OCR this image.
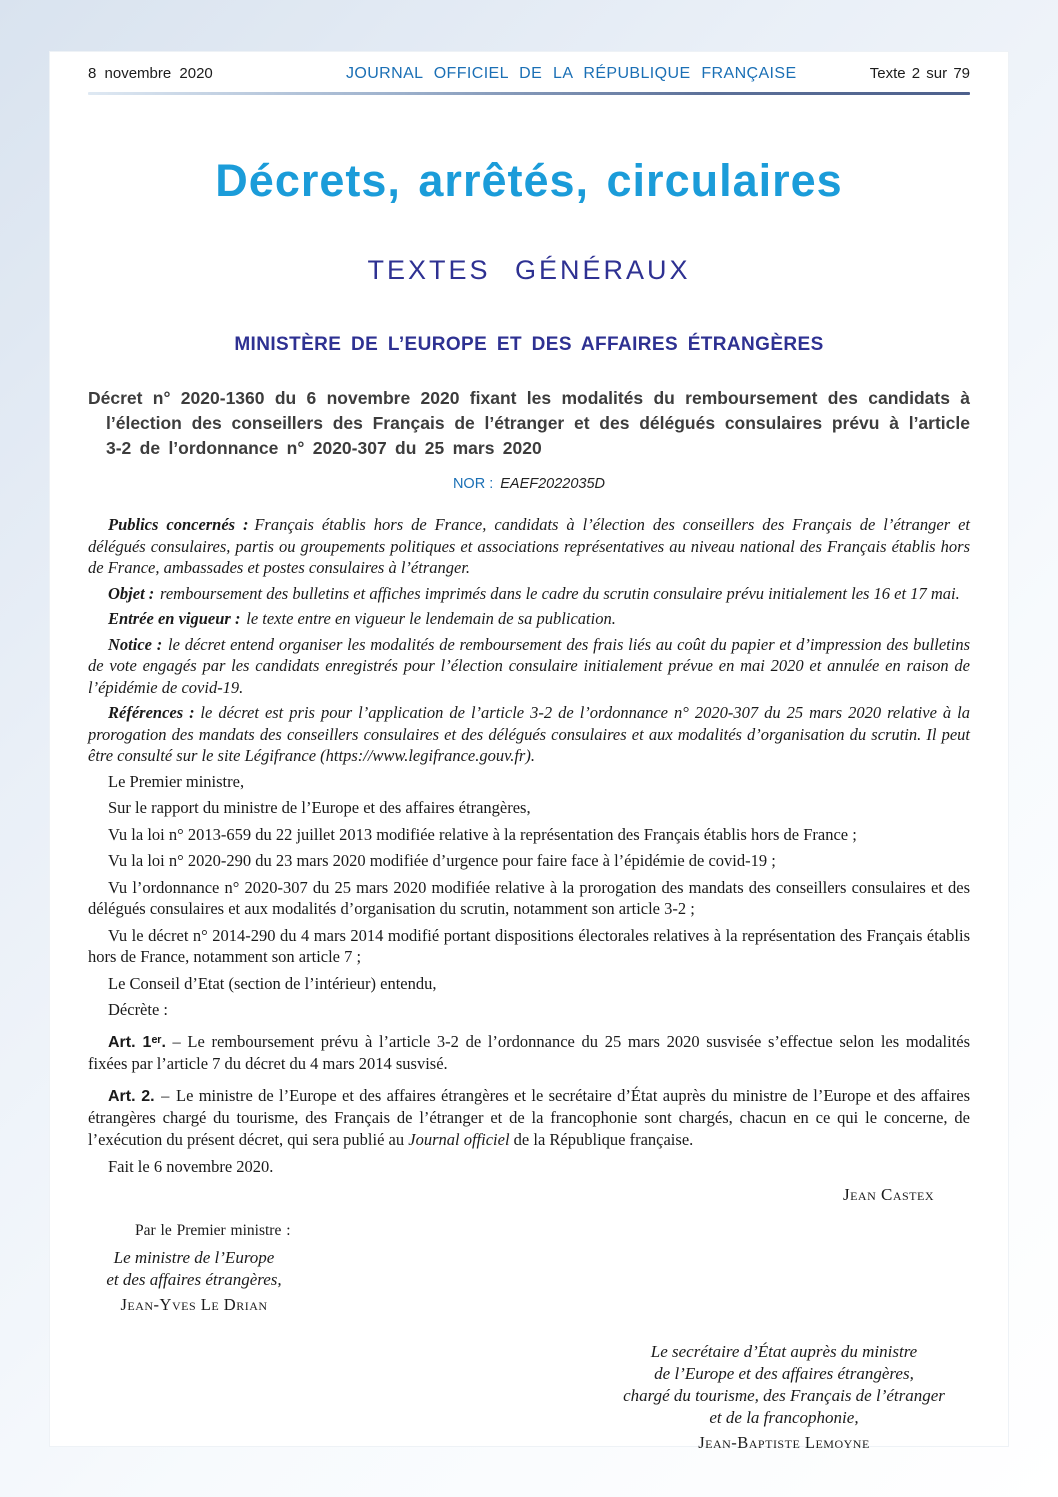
8 novembre 2020	JOURNAL OFFICIEL DE LA RÉPUBLIQUE FRANÇAISE	Texte 2 sur 79
Décrets, arrêtés, circulaires
TEXTES GÉNÉRAUX
MINISTÈRE DE L’EUROPE ET DES AFFAIRES ÉTRANGÈRES
Décret n° 2020-1360 du 6 novembre 2020 fixant les modalités du remboursement des candidats à l’élection des conseillers des Français de l’étranger et des délégués consulaires prévu à l’article 3-2 de l’ordonnance n° 2020-307 du 25 mars 2020
NOR : EAEF2022035D

Publics concernés : Français établis hors de France, candidats à l’élection des conseillers des Français de l’étranger et délégués consulaires, partis ou groupements politiques et associations représentatives au niveau national des Français établis hors de France, ambassades et postes consulaires à l’étranger.

Objet : remboursement des bulletins et affiches imprimés dans le cadre du scrutin consulaire prévu initialement les 16 et 17 mai.

Entrée en vigueur : le texte entre en vigueur le lendemain de sa publication.

Notice : le décret entend organiser les modalités de remboursement des frais liés au coût du papier et d’impression des bulletins de vote engagés par les candidats enregistrés pour l’élection consulaire initialement prévue en mai 2020 et annulée en raison de l’épidémie de covid-19.

Références : le décret est pris pour l’application de l’article 3-2 de l’ordonnance n° 2020-307 du 25 mars 2020 relative à la prorogation des mandats des conseillers consulaires et des délégués consulaires et aux modalités d’organisation du scrutin. Il peut être consulté sur le site Légifrance (https://www.legifrance.gouv.fr).

Le Premier ministre,

Sur le rapport du ministre de l’Europe et des affaires étrangères,

Vu la loi n° 2013-659 du 22 juillet 2013 modifiée relative à la représentation des Français établis hors de France ;

Vu la loi n° 2020-290 du 23 mars 2020 modifiée d’urgence pour faire face à l’épidémie de covid-19 ;

Vu l’ordonnance n° 2020-307 du 25 mars 2020 modifiée relative à la prorogation des mandats des conseillers consulaires et des délégués consulaires et aux modalités d’organisation du scrutin, notamment son article 3-2 ;

Vu le décret n° 2014-290 du 4 mars 2014 modifié portant dispositions électorales relatives à la représentation des Français établis hors de France, notamment son article 7 ;

Le Conseil d’Etat (section de l’intérieur) entendu,

Décrète :

Art. 1ᵉʳ. – Le remboursement prévu à l’article 3-2 de l’ordonnance du 25 mars 2020 susvisée s’effectue selon les modalités fixées par l’article 7 du décret du 4 mars 2014 susvisé.

Art. 2. – Le ministre de l’Europe et des affaires étrangères et le secrétaire d’État auprès du ministre de l’Europe et des affaires étrangères chargé du tourisme, des Français de l’étranger et de la francophonie sont chargés, chacun en ce qui le concerne, de l’exécution du présent décret, qui sera publié au Journal officiel de la République française.

Fait le 6 novembre 2020.

Jean Castex
Par le Premier ministre :
Le ministre de l’Europe
et des affaires étrangères,
Jean-Yves Le Drian
Le secrétaire d’État auprès du ministre
de l’Europe et des affaires étrangères,
chargé du tourisme, des Français de l’étranger
et de la francophonie,
Jean-Baptiste Lemoyne
